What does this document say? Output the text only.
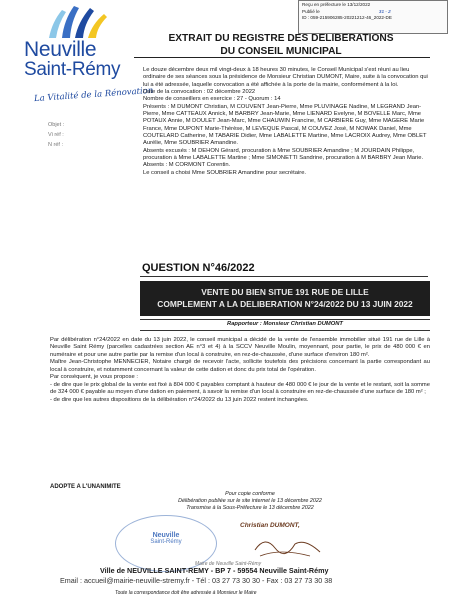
Reçu en préfecture le 13/12/2022
Publié le	31 · 2
ID : 059-215906285-20221212-46_2022-DE
Neuville
Saint-Rémy
La Vitalité de la Rénovation
Objet :
Vi réf :
N réf :
EXTRAIT DU REGISTRE DES DELIBERATIONS
DU CONSEIL MUNICIPAL

Le douze décembre deux mil vingt-deux à 18 heures 30 minutes, le Conseil Municipal s'est réuni au lieu ordinaire de ses séances sous la présidence de Monsieur Christian DUMONT, Maire, suite à la convocation qui lui a été adressée, laquelle convocation a été affichée à la porte de la mairie, conformément à la loi.

Date de la convocation : 02 décembre 2022

Nombre de conseillers en exercice : 27 - Quorum : 14

Présents : M DUMONT Christian, M COUVENT Jean-Pierre, Mme PLUVINAGE Nadine, M LEGRAND Jean-Pierre, Mme CATTEAUX Annick, M BARBRY Jean-Marie, Mme LIENARD Evelyne, M BOVELLE Marc, Mme POTAUX Annie, M DOULET Jean-Marc, Mme CHAUWIN Francine, M CARBIERE Guy, Mme MAGERE Marie France, Mme DUPONT Marie-Thérèse, M LEVEQUE Pascal, M COUVEZ José, M NOWAK Daniel, Mme COUTELARD Catherine, M TABARIE Didier, Mme LABALETTE Martine, Mme LACROIX Audrey, Mme OBLET Aurélie, Mme SOUBRIER Amandine.

Absents excusés : M DEHON Gérard, procuration à Mme SOUBRIER Amandine ; M JOURDAIN Philippe, procuration à Mme LABALETTE Martine ; Mme SIMONETTI Sandrine, procuration à M BARBRY Jean Marie.

Absents : M CORMONT Corentin.

Le conseil a choisi Mme SOUBRIER Amandine pour secrétaire.

QUESTION N°46/2022
VENTE DU BIEN SITUE 191 RUE DE LILLE
COMPLEMENT A LA DELIBERATION N°24/2022 DU 13 JUIN 2022
Rapporteur : Monsieur Christian DUMONT

Par délibération n°24/2022 en date du 13 juin 2022, le conseil municipal a décidé de la vente de l'ensemble immobilier situé 191 rue de Lille à Neuville Saint Rémy (parcelles cadastrées section AE n°3 et 4) à la SCCV Neuville Moulin, moyennant, pour partie, le prix de 480 000 € en numéraire et pour une autre partie par la remise d'un local à construire, en rez-de-chaussée, d'une surface d'environ 180 m².

Maître Jean-Christophe MENNECIER, Notaire chargé de recevoir l'acte, sollicite toutefois des précisions concernant la partie correspondant au local à construire, et notamment concernant la valeur de cette dation et donc du prix total de l'opération.

Par conséquent, je vous propose :

- de dire que le prix global de la vente est fixé à 804 000 € payables comptant à hauteur de 480 000 € le jour de la vente et le restant, soit la somme de 324 000 € payable au moyen d'une dation en paiement, à savoir la remise d'un local à construire en rez-de-chaussée d'une surface de 180 m² ;

- de dire que les autres dispositions de la délibération n°24/2022 du 13 juin 2022 restent inchangées.

ADOPTE A L'UNANIMITE
Pour copie conforme
Délibération publiée sur le site internet le 13 décembre 2022
Transmise à la Sous-Préfecture le 13 décembre 2022
Neuville
Saint-Rémy
Christian DUMONT,
Maire de Neuville Saint-Rémy
Ville de NEUVILLE SAINT-REMY - BP 7 - 59554 Neuville Saint-Rémy
Email : accueil@mairie-neuville-stremy.fr - Tél : 03 27 73 30 30 - Fax : 03 27 73 30 38
Toute la correspondance doit être adressée à Monsieur le Maire
